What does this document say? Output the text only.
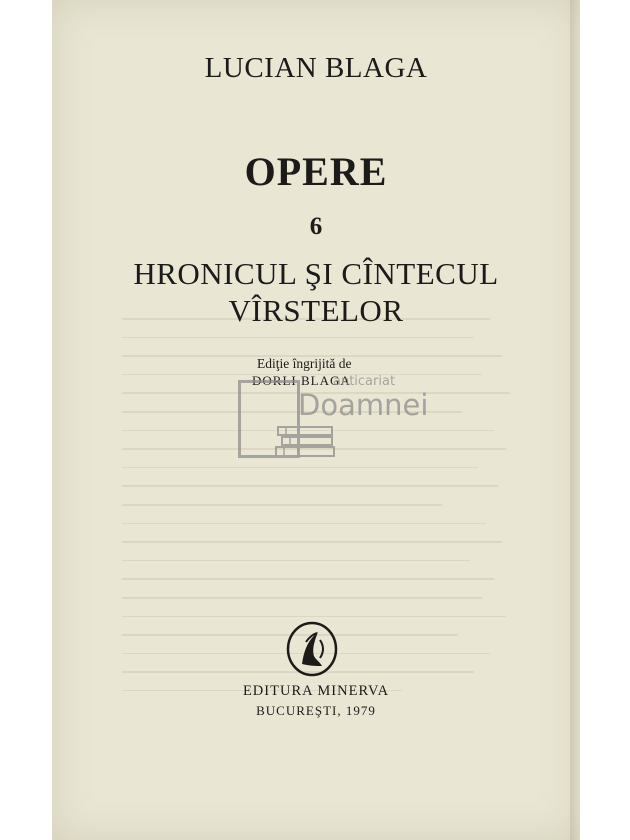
LUCIAN BLAGA
OPERE
6
HRONICUL ŞI CÎNTECUL
VÎRSTELOR
Ediţie îngrijită de
DORLI BLAGA
anticariat
Doamnei
EDITURA MINERVA
BUCUREŞTI, 1979
